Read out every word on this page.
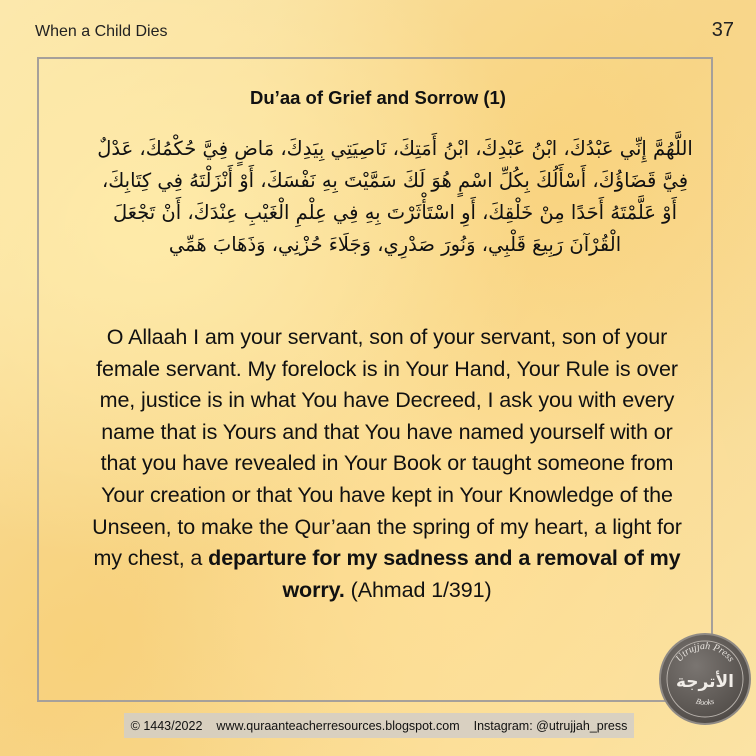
When a Child Dies	37
Du’aa of Grief and Sorrow (1)
اللَّهُمَّ إِنِّي عَبْدُكَ، ابْنُ عَبْدِكَ، ابْنُ أَمَتِكَ، نَاصِيَتِي بِيَدِكَ، مَاضٍ فِيَّ حُكْمُكَ، عَدْلٌ فِيَّ قَضَاؤُكَ، أَسْأَلُكَ بِكُلِّ اسْمٍ هُوَ لَكَ سَمَّيْتَ بِهِ نَفْسَكَ، أَوْ أَنْزَلْتَهُ فِي كِتَابِكَ، أَوْ عَلَّمْتَهُ أَحَدًا مِنْ خَلْقِكَ، أَوِ اسْتَأْثَرْتَ بِهِ فِي عِلْمِ الْغَيْبِ عِنْدَكَ، أَنْ تَجْعَلَ الْقُرْآنَ رَبِيعَ قَلْبِي، وَنُورَ صَدْرِي، وَجَلَاءَ حُزْنِي، وَذَهَابَ هَمِّي
O Allaah I am your servant, son of your servant, son of your female servant. My forelock is in Your Hand, Your Rule is over me, justice is in what You have Decreed, I ask you with every name that is Yours and that You have named yourself with or that you have revealed in Your Book or taught someone from Your creation or that You have kept in Your Knowledge of the Unseen, to make the Qur’aan the spring of my heart, a light for my chest, a departure for my sadness and a removal of my worry. (Ahmad 1/391)
© 1443/2022 www.quraanteacherresources.blogspot.com Instagram: @utrujjah_press
Utrujjah Press
Books
الأترجة
